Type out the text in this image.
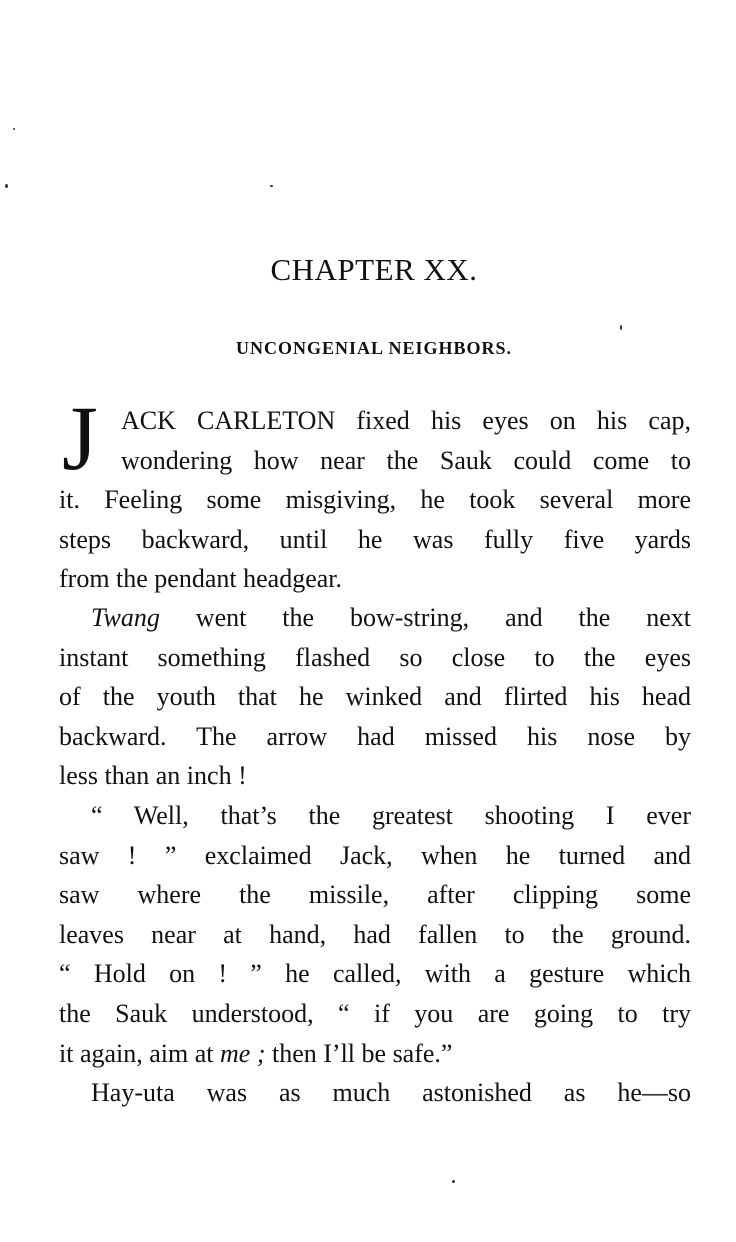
CHAPTER XX.
UNCONGENIAL NEIGHBORS.
J ACK CARLETON fixed his eyes on his cap,
wondering how near the Sauk could come to
it. Feeling some misgiving, he took several more
steps backward, until he was fully five yards
from the pendant headgear.
Twang went the bow-string, and the next
instant something flashed so close to the eyes
of the youth that he winked and flirted his head
backward. The arrow had missed his nose by
less than an inch !
“ Well, that’s the greatest shooting I ever
saw ! ” exclaimed Jack, when he turned and
saw where the missile, after clipping some
leaves near at hand, had fallen to the ground.
“ Hold on ! ” he called, with a gesture which
the Sauk understood, “ if you are going to try
it again, aim at me ; then I’ll be safe.”
Hay-uta was as much astonished as he—so
